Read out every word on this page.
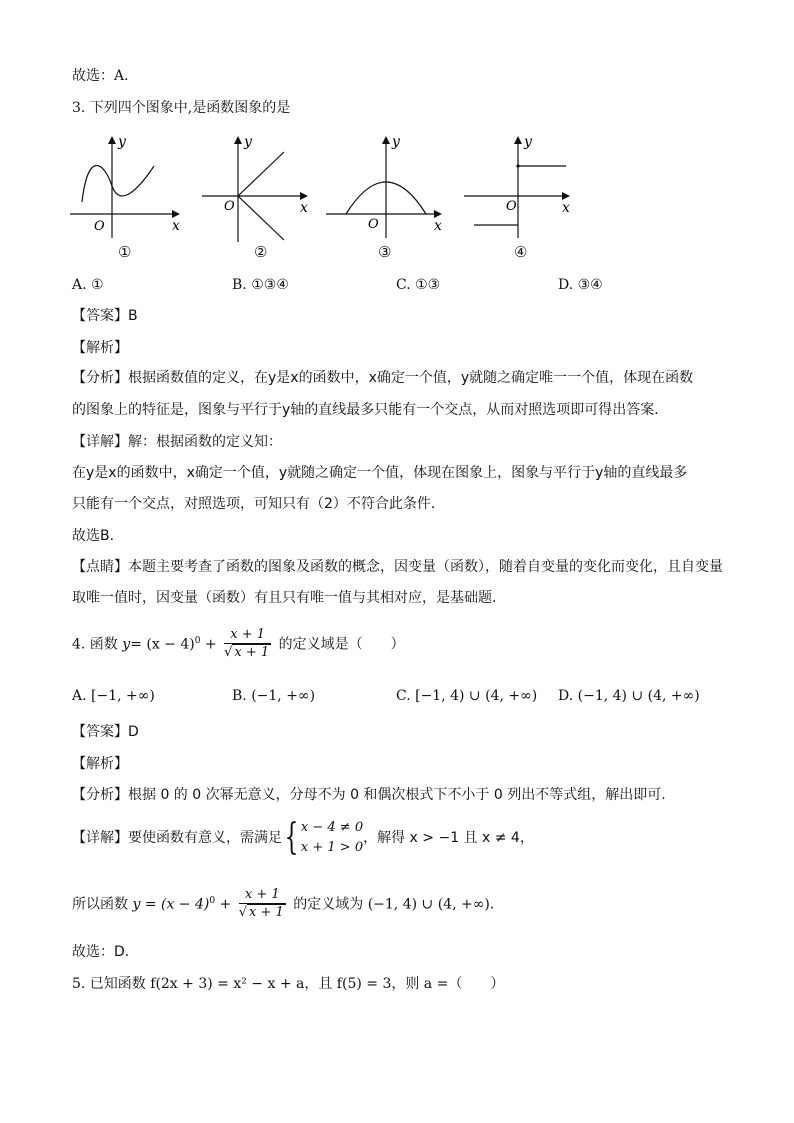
故选：A．
3. 下列四个图象中,是函数图象的是
y
O	x
①
y
O	x
②
y
O	x
③
y
O	x
④
A. ①	B. ①③④	C. ①③	D. ③④
【答案】B
【解析】
【分析】根据函数值的定义，在y是x的函数中，x确定一个值，y就随之确定唯一一个值，体现在函数
的图象上的特征是，图象与平行于y轴的直线最多只能有一个交点，从而对照选项即可得出答案．
【详解】解：根据函数的定义知：
在y是x的函数中，x确定一个值，y就随之确定一个值，体现在图象上，图象与平行于y轴的直线最多
只能有一个交点，对照选项，可知只有（2）不符合此条件．
故选B．
【点睛】本题主要考查了函数的图象及函数的概念，因变量（函数），随着自变量的变化而变化，且自变量
取唯一值时，因变量（函数）有且只有唯一值与其相对应，是基础题．
4. 函数 $y= (x - 4)^0 + \frac{x + 1}{√ x + 1}$ 的定义域是（　　）
A. [−1, +∞)	B. (−1, +∞)	C. [−1, 4) ∪ (4, +∞) D. (−1, 4) ∪ (4, +∞)
【答案】D
【解析】
【分析】根据 0 的 0 次幂无意义，分母不为 0 和偶次根式下不小于 0 列出不等式组，解出即可.
【详解】要使函数有意义，需满足{ x − 4 ≠ 0
x + 1 > 0
，解得 x > −1 且 x ≠ 4，
所以函数 $y = (x - 4)^0 + \frac{x + 1}{√ x + 1}$ 的定义域为 (−1, 4) ∪ (4, +∞).
故选：D.
5. 已知函数 f(2x + 3) = x² − x + a，且 f(5) = 3，则 a =（　　）
